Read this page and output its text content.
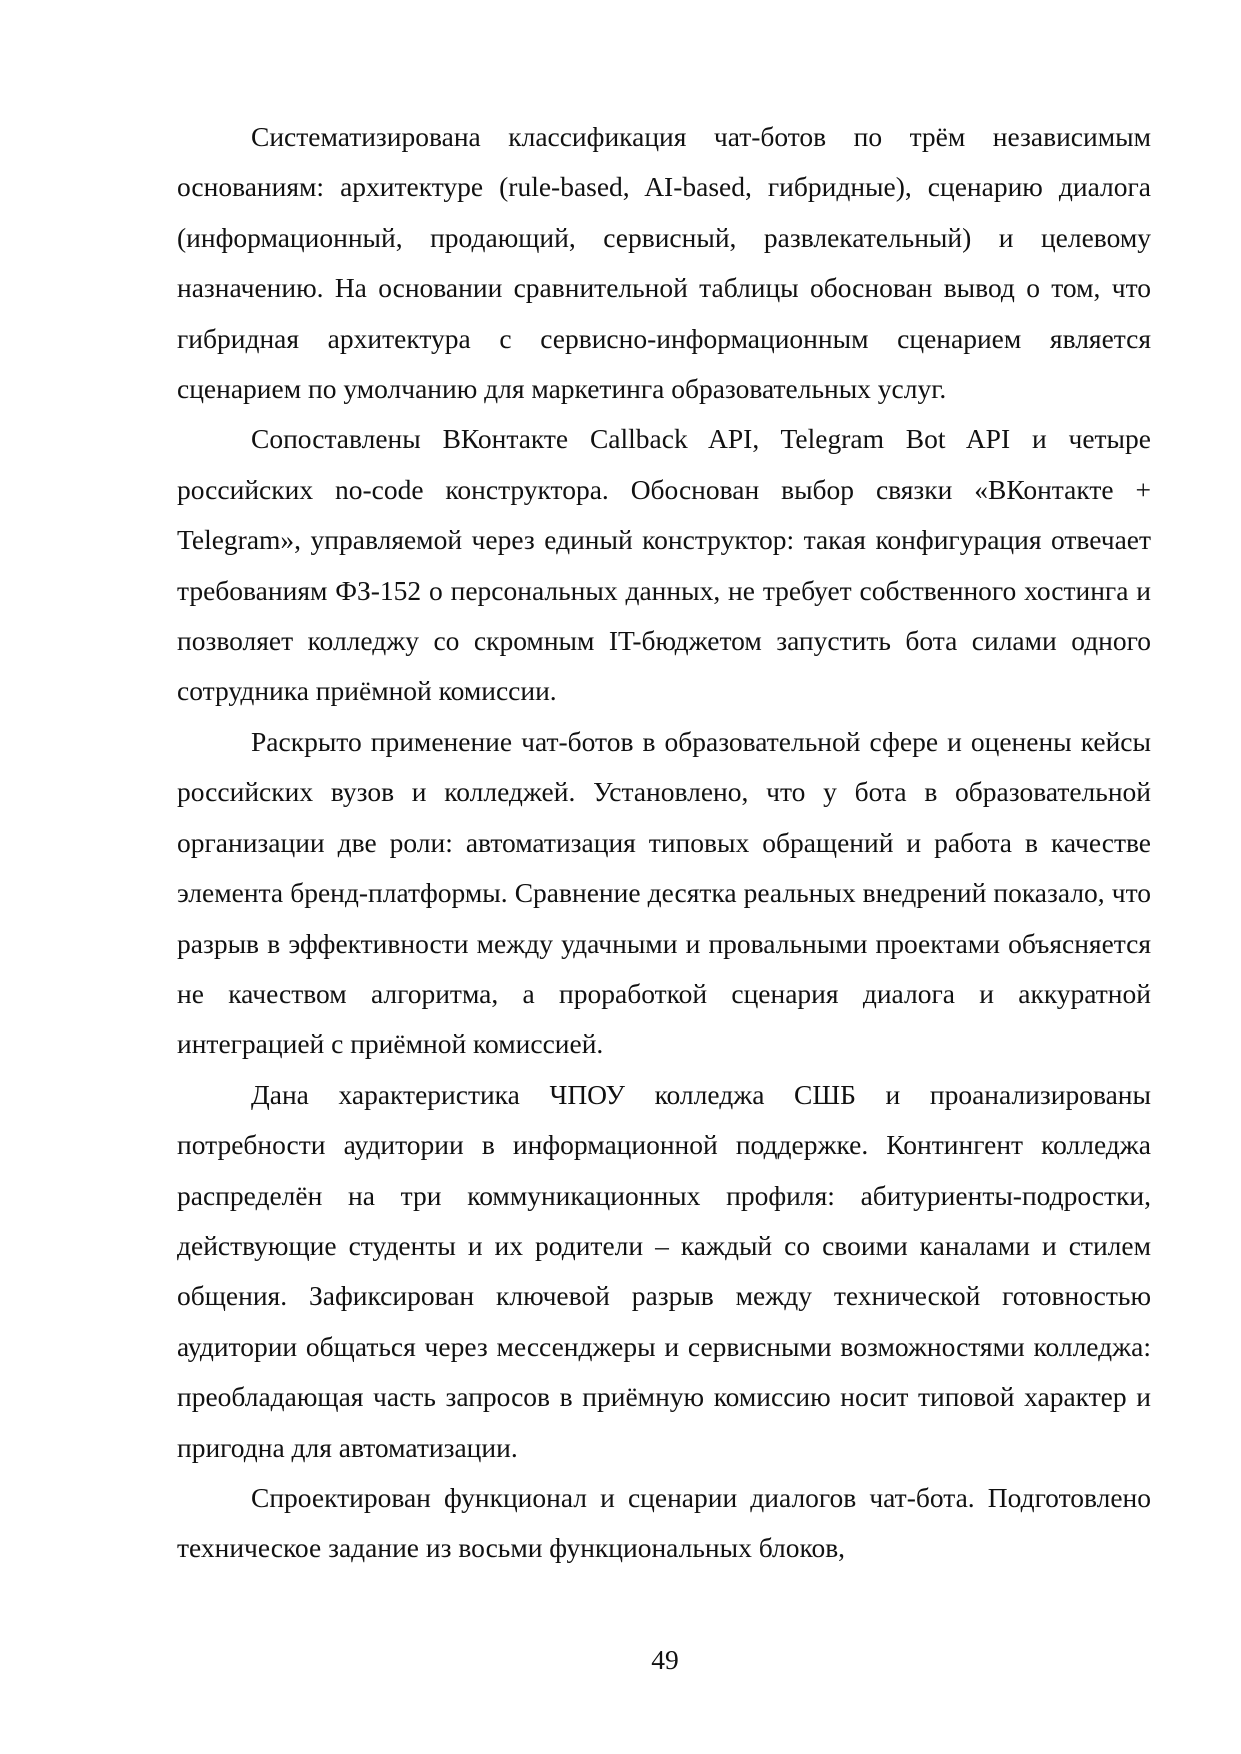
Систематизирована классификация чат-ботов по трём независимым основаниям: архитектуре (rule-based, AI-based, гибридные), сценарию диалога (информационный, продающий, сервисный, развлекательный) и целевому назначению. На основании сравнительной таблицы обоснован вывод о том, что гибридная архитектура с сервисно-информационным сценарием является сценарием по умолчанию для маркетинга образовательных услуг.

Сопоставлены ВКонтакте Callback API, Telegram Bot API и четыре российских no-code конструктора. Обоснован выбор связки «ВКонтакте + Telegram», управляемой через единый конструктор: такая конфигурация отвечает требованиям ФЗ-152 о персональных данных, не требует собственного хостинга и позволяет колледжу со скромным IT-бюджетом запустить бота силами одного сотрудника приёмной комиссии.

Раскрыто применение чат-ботов в образовательной сфере и оценены кейсы российских вузов и колледжей. Установлено, что у бота в образовательной организации две роли: автоматизация типовых обращений и работа в качестве элемента бренд-платформы. Сравнение десятка реальных внедрений показало, что разрыв в эффективности между удачными и провальными проектами объясняется не качеством алгоритма, а проработкой сценария диалога и аккуратной интеграцией с приёмной комиссией.

Дана характеристика ЧПОУ колледжа СШБ и проанализированы потребности аудитории в информационной поддержке. Контингент колледжа распределён на три коммуникационных профиля: абитуриенты-подростки, действующие студенты и их родители – каждый со своими каналами и стилем общения. Зафиксирован ключевой разрыв между технической готовностью аудитории общаться через мессенджеры и сервисными возможностями колледжа: преобладающая часть запросов в приёмную комиссию носит типовой характер и пригодна для автоматизации.

Спроектирован функционал и сценарии диалогов чат-бота. Подготовлено техническое задание из восьми функциональных блоков,

49
